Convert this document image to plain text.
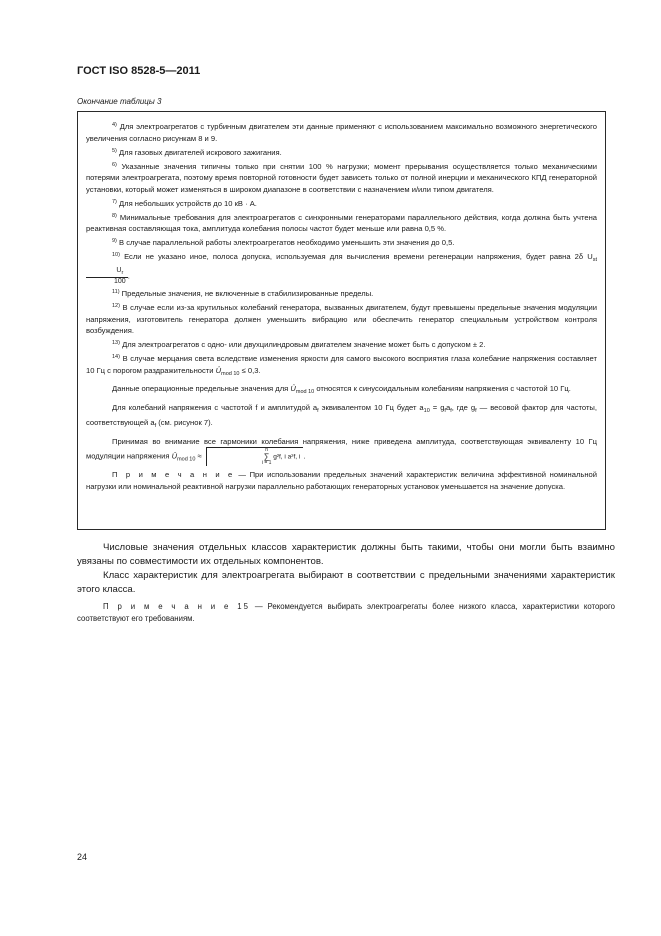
ГОСТ ISO 8528-5—2011
Окончание таблицы 3

$^{4)}$ Для электроагрегатов с турбинным двигателем эти данные применяют с использованием максимально возможного энергетического увеличения согласно рисункам 8 и 9.

$^{5)}$ Для газовых двигателей искрового зажигания.

$^{6)}$ Указанные значения типичны только при снятии 100 % нагрузки; момент прерывания осуществляется только механическими потерями электроагрегата, поэтому время повторной готовности будет зависеть только от полной инерции и механического КПД генераторной установки, который может изменяться в широком диапазоне в соответствии с назначением и/или типом двигателя.

$^{7)}$ Для небольших устройств до 10 кВ · А.

$^{8)}$ Минимальные требования для электроагрегатов с синхронными генераторами параллельного действия, когда должна быть учтена реактивная составляющая тока, амплитуда колебания полосы частот будет меньше или равна 0,5 %.

$^{9)}$ В случае параллельной работы электроагрегатов необходимо уменьшить эти значения до 0,5.

$^{10)}$ Если не указано иное, полоса допуска, используемая для вычисления времени регенерации напряжения, будет равна 2δ $U_{st}$
$\frac{U_r}{100}$ .

$^{11)}$ Предельные значения, не включенные в стабилизированные пределы.

$^{12)}$ В случае если из-за крутильных колебаний генератора, вызванных двигателем, будут превышены предельные значения модуляции напряжения, изготовитель генератора должен уменьшить вибрацию или обеспечить генератор специальным устройством контроля возбуждения.

$^{13)}$ Для электроагрегатов с одно- или двухцилиндровым двигателем значение может быть с допуском ± 2.

$^{14)}$ В случае мерцания света вследствие изменения яркости для самого высокого восприятия глаза колебание напряжения составляет 10 Гц с порогом раздражительности $Û_{mod 10} \le 0,3$.

Данные операционные предельные значения для $Û_{mod 10}$ относятся к синусоидальным колебаниям напряжения с частотой 10 Гц.

Для колебаний напряжения с частотой f и амплитудой $a_f$ эквивалентом 10 Гц будет $a_{10} = g_fa_f$, где $g_f$ — весовой фактор для частоты, соответствующей $a_f$ (см. рисунок 7).

Принимая во внимание все гармоники колебания напряжения, ниже приведена амплитуда, соответствующая эквиваленту 10 Гц модуляции напряжения $Û_{mod 10}$ ≈
n
∑
i = 1
g²f, i a²f, i .

П р и м е ч а н и е — При использовании предельных значений характеристик величина эффективной номинальной нагрузки или номинальной реактивной нагрузки параллельно работающих генераторных установок уменьшается на значение допуска.

Числовые значения отдельных классов характеристик должны быть такими, чтобы они могли быть взаимно увязаны по совместимости их отдельных компонентов.

Класс характеристик для электроагрегата выбирают в соответствии с предельными значениями характеристик этого класса.

П р и м е ч а н и е 15 — Рекомендуется выбирать электроагрегаты более низкого класса, характеристики которого соответствуют его требованиям.

24
